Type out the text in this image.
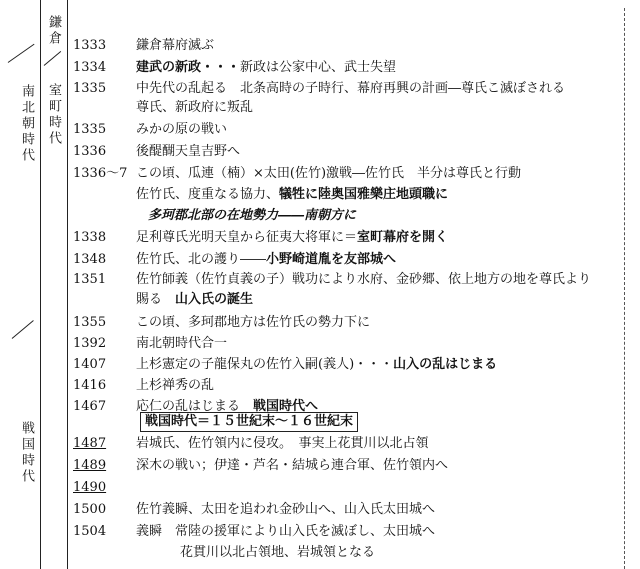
鎌倉
室町時代
南北朝時代
戦国時代
1333 鎌倉幕府滅ぶ
1334 建武の新政・・・新政は公家中心、武士失望
1335 中先代の乱起る　北条高時の子時行、幕府再興の計画―尊氏こ滅ぼされる
尊氏、新政府に叛乱
1335 みかの原の戦い
1336 後醍醐天皇吉野へ
1336～7 この頃、瓜連（楠）×太田(佐竹)激戦―佐竹氏　半分は尊氏と行動
佐竹氏、度重なる協力、犠牲に陸奥国雅樂庄地頭職に
多珂郡北部の在地勢力――南朝方に
1338 足利尊氏光明天皇から征夷大将軍に＝室町幕府を開く
1348 佐竹氏、北の護り――小野崎道胤を友部城へ
1351 佐竹師義（佐竹貞義の子）戦功により水府、金砂郷、依上地方の地を尊氏より
賜る　山入氏の誕生
1355 この頃、多珂郡地方は佐竹氏の勢力下に
1392 南北朝時代合一
1407 上杉憲定の子龍保丸の佐竹入嗣(義人)・・・山入の乱はじまる
1416 上杉禅秀の乱
1467 応仁の乱はじまる　戦国時代へ
戦国時代＝１５世紀末～１６世紀末
1487 岩城氏、佐竹領内に侵攻。　事実上花貫川以北占領
1489 深木の戦い；伊達・芦名・結城ら連合軍、佐竹領内へ
1490
1500 佐竹義瞬、太田を追われ金砂山へ、山入氏太田城へ
1504 義瞬　常陸の援軍により山入氏を滅ぼし、太田城へ
花貫川以北占領地、岩城領となる
